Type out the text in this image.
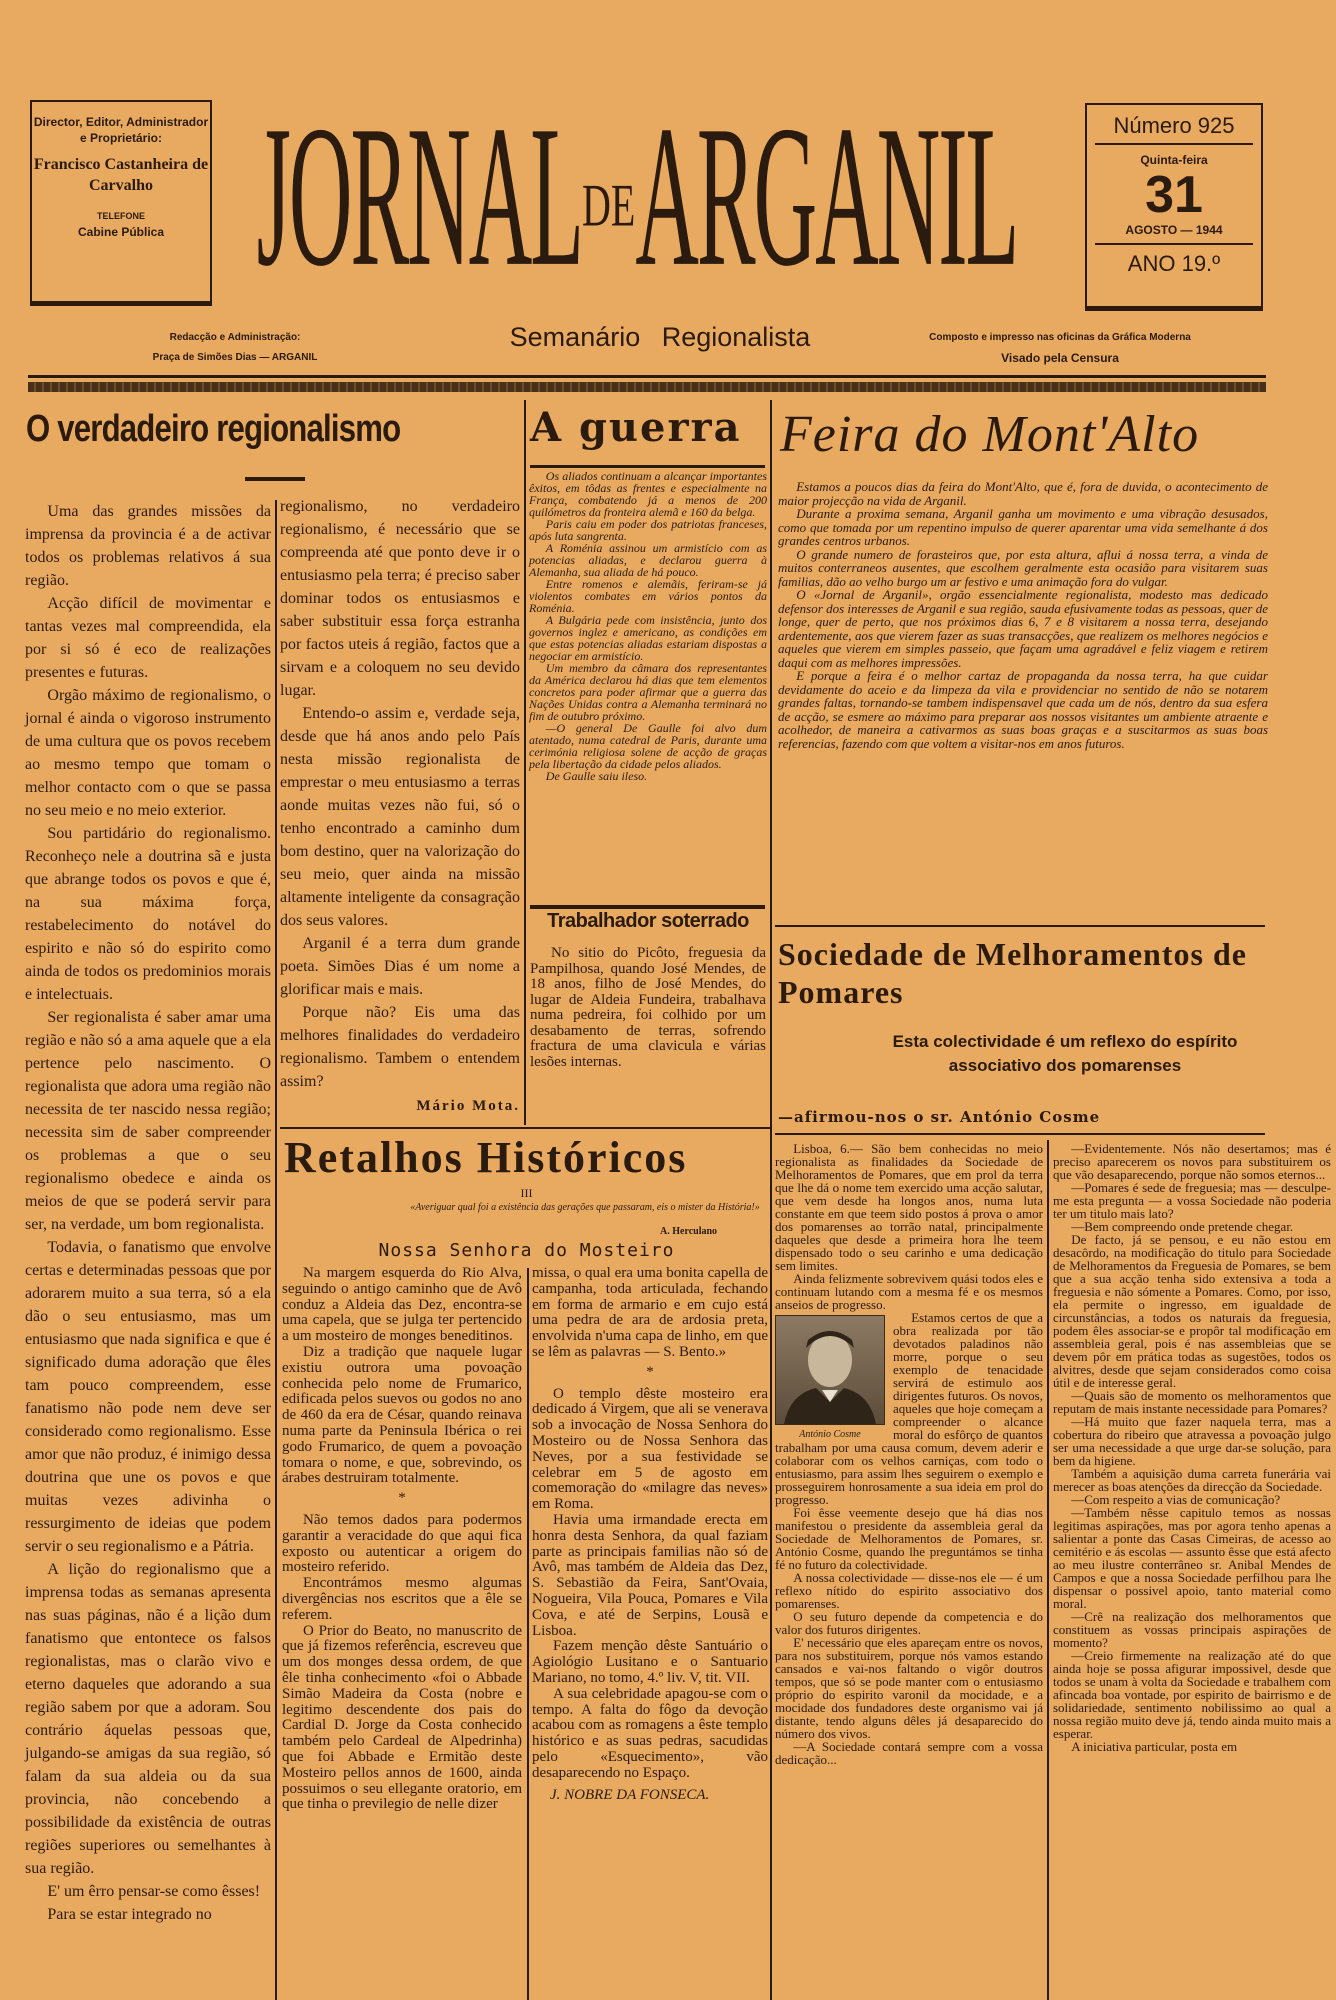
Director, Editor, Administrador e Proprietário:
Francisco Castanheira de Carvalho
TELEFONE
Cabine Pública	JORNALDEARGANIL	Número 925
Quinta-feira
31
AGOSTO — 1944
ANO 19.º
Redacção e Administração:
Praça de Simões Dias — ARGANIL
Semanário Regionalista	Composto e impresso nas oficinas da Gráfica Moderna
Visado pela Censura
O verdadeiro regionalismo

Uma das grandes missões da imprensa da provincia é a de activar todos os problemas relativos á sua região.

Acção difícil de movimentar e tantas vezes mal compreendida, ela por si só é eco de realizações presentes e futuras.

Orgão máximo de regionalismo, o jornal é ainda o vigoroso instrumento de uma cultura que os povos recebem ao mesmo tempo que tomam o melhor contacto com o que se passa no seu meio e no meio exterior.

Sou partidário do regionalismo. Reconheço nele a doutrina sã e justa que abrange todos os povos e que é, na sua máxima força, restabelecimento do notável do espirito e não só do espirito como ainda de todos os predominios morais e intelectuais.

Ser regionalista é saber amar uma região e não só a ama aquele que a ela pertence pelo nascimento. O regionalista que adora uma região não necessita de ter nascido nessa região; necessita sim de saber compreender os problemas a que o seu regionalismo obedece e ainda os meios de que se poderá servir para ser, na verdade, um bom regionalista.

Todavia, o fanatismo que envolve certas e determinadas pessoas que por adorarem muito a sua terra, só a ela dão o seu entusiasmo, mas um entusiasmo que nada significa e que é significado duma adoração que êles tam pouco compreendem, esse fanatismo não pode nem deve ser considerado como regionalismo. Esse amor que não produz, é inimigo dessa doutrina que une os povos e que muitas vezes adivinha o ressurgimento de ideias que podem servir o seu regionalismo e a Pátria.

A lição do regionalismo que a imprensa todas as semanas apresenta nas suas páginas, não é a lição dum fanatismo que entontece os falsos regionalistas, mas o clarão vivo e eterno daqueles que adorando a sua região sabem por que a adoram. Sou contrário áquelas pessoas que, julgando-se amigas da sua região, só falam da sua aldeia ou da sua provincia, não concebendo a possibilidade da existência de outras regiões superiores ou semelhantes à sua região.

E' um êrro pensar-se como êsses!

Para se estar integrado no

regionalismo, no verdadeiro regionalismo, é necessário que se compreenda até que ponto deve ir o entusiasmo pela terra; é preciso saber dominar todos os entusiasmos e saber substituir essa força estranha por factos uteis á região, factos que a sirvam e a coloquem no seu devido lugar.

Entendo-o assim e, verdade seja, desde que há anos ando pelo País nesta missão regionalista de emprestar o meu entusiasmo a terras aonde muitas vezes não fui, só o tenho encontrado a caminho dum bom destino, quer na valorização do seu meio, quer ainda na missão altamente inteligente da consagração dos seus valores.

Arganil é a terra dum grande poeta. Simões Dias é um nome a glorificar mais e mais.

Porque não? Eis uma das melhores finalidades do verdadeiro regionalismo. Tambem o entendem assim?

Mário Mota.
A guerra

Os aliados continuam a alcançar importantes êxitos, em tôdas as frentes e especialmente na França, combatendo já a menos de 200 quilómetros da fronteira alemã e 160 da belga.

Paris caiu em poder dos patriotas franceses, após luta sangrenta.

A Roménia assinou um armistício com as potencias aliadas, e declarou guerra à Alemanha, sua aliada de há pouco.

Entre romenos e alemãis, feriram-se já violentos combates em vários pontos da Roménia.

A Bulgária pede com insistência, junto dos governos inglez e americano, as condições em que estas potencias aliadas estariam dispostas a negociar em armistício.

Um membro da câmara dos representantes da América declarou há dias que tem elementos concretos para poder afirmar que a guerra das Nações Unidas contra a Alemanha terminará no fim de outubro próximo.

—O general De Gaulle foi alvo dum atentado, numa catedral de Paris, durante uma cerimónia religiosa solene de acção de graças pela libertação da cidade pelos aliados.

De Gaulle saiu ileso.

Trabalhador soterrado

No sitio do Picôto, freguesia da Pampilhosa, quando José Mendes, de 18 anos, filho de José Mendes, do lugar de Aldeia Fundeira, trabalhava numa pedreira, foi colhido por um desabamento de terras, sofrendo fractura de uma clavicula e várias lesões internas.

Feira do Mont'Alto

Estamos a poucos dias da feira do Mont'Alto, que é, fora de duvida, o acontecimento de maior projecção na vida de Arganil.

Durante a proxima semana, Arganil ganha um movimento e uma vibração desusados, como que tomada por um repentino impulso de querer aparentar uma vida semelhante á dos grandes centros urbanos.

O grande numero de forasteiros que, por esta altura, aflui á nossa terra, a vinda de muitos conterraneos ausentes, que escolhem geralmente esta ocasião para visitarem suas familias, dão ao velho burgo um ar festivo e uma animação fora do vulgar.

O «Jornal de Arganil», orgão essencialmente regionalista, modesto mas dedicado defensor dos interesses de Arganil e sua região, sauda efusivamente todas as pessoas, quer de longe, quer de perto, que nos próximos dias 6, 7 e 8 visitarem a nossa terra, desejando ardentemente, aos que vierem fazer as suas transacções, que realizem os melhores negócios e aqueles que vierem em simples passeio, que façam uma agradável e feliz viagem e retirem daqui com as melhores impressões.

E porque a feira é o melhor cartaz de propaganda da nossa terra, ha que cuidar devidamente do aceio e da limpeza da vila e providenciar no sentido de não se notarem grandes faltas, tornando-se tambem indispensavel que cada um de nós, dentro da sua esfera de acção, se esmere ao máximo para preparar aos nossos visitantes um ambiente atraente e acolhedor, de maneira a cativarmos as suas boas graças e a suscitarmos as suas boas referencias, fazendo com que voltem a visitar-nos em anos futuros.

Sociedade de Melhoramentos de Pomares
Esta colectividade é um reflexo do espírito associativo dos pomarenses
—afirmou-nos o sr. António Cosme

Lisboa, 6.— São bem conhecidas no meio regionalista as finalidades da Sociedade de Melhoramentos de Pomares, que em prol da terra que lhe dá o nome tem exercido uma acção salutar, que vem desde ha longos anos, numa luta constante em que teem sido postos á prova o amor dos pomarenses ao torrão natal, principalmente daqueles que desde a primeira hora lhe teem dispensado todo o seu carinho e uma dedicação sem limites.

Ainda felizmente sobrevivem quási todos eles e continuam lutando com a mesma fé e os mesmos anseios de progresso.

António Cosme

Estamos certos de que a obra realizada por tão devotados paladinos não morre, porque o seu exemplo de tenacidade servirá de estimulo aos dirigentes futuros. Os novos, aqueles que hoje começam a compreender o alcance moral do esfôrço de quantos trabalham por uma causa comum, devem aderir e colaborar com os velhos carniças, com todo o entusiasmo, para assim lhes seguirem o exemplo e prosseguirem honrosamente a sua ideia em prol do progresso.

Foi êsse veemente desejo que há dias nos manifestou o presidente da assembleia geral da Sociedade de Melhoramentos de Pomares, sr. António Cosme, quando lhe preguntámos se tinha fé no futuro da colectividade.

A nossa colectividade — disse-nos ele — é um reflexo nítido do espirito associativo dos pomarenses.

O seu futuro depende da competencia e do valor dos futuros dirigentes.

E' necessário que eles apareçam entre os novos, para nos substituirem, porque nós vamos estando cansados e vai-nos faltando o vigôr doutros tempos, que só se pode manter com o entusiasmo próprio do espirito varonil da mocidade, e a mocidade dos fundadores deste organismo vai já distante, tendo alguns dêles já desaparecido do número dos vivos.

—A Sociedade contará sempre com a vossa dedicação...

—Evidentemente. Nós não desertamos; mas é preciso aparecerem os novos para substituirem os que vão desaparecendo, porque não somos eternos...

—Pomares é sede de freguesia; mas — desculpe-me esta pregunta — a vossa Sociedade não poderia ter um titulo mais lato?

—Bem compreendo onde pretende chegar.

De facto, já se pensou, e eu não estou em desacôrdo, na modificação do titulo para Sociedade de Melhoramentos da Freguesia de Pomares, se bem que a sua acção tenha sido extensiva a toda a freguesia e não sómente a Pomares. Como, por isso, ela permite o ingresso, em igualdade de circunstâncias, a todos os naturais da freguesia, podem êles associar-se e propôr tal modificação em assembleia geral, pois é nas assembleias que se devem pôr em prática todas as sugestões, todos os alvitres, desde que sejam considerados como coisa útil e de interesse geral.

—Quais são de momento os melhoramentos que reputam de mais instante necessidade para Pomares?

—Há muito que fazer naquela terra, mas a cobertura do ribeiro que atravessa a povoação julgo ser uma necessidade a que urge dar-se solução, para bem da higiene.

Também a aquisição duma carreta funerária vai merecer as boas atenções da direcção da Sociedade.

—Com respeito a vias de comunicação?

—Também nêsse capitulo temos as nossas legitimas aspirações, mas por agora tenho apenas a salientar a ponte das Casas Cimeiras, de acesso ao cemitério e ás escolas — assunto êsse que está afecto ao meu ilustre conterrâneo sr. Anibal Mendes de Campos e que a nossa Sociedade perfilhou para lhe dispensar o possivel apoio, tanto material como moral.

—Crê na realização dos melhoramentos que constituem as vossas principais aspirações de momento?

—Creio firmemente na realização até do que ainda hoje se possa afigurar impossivel, desde que todos se unam à volta da Sociedade e trabalhem com afincada boa vontade, por espirito de bairrismo e de solidariedade, sentimento nobilissimo ao qual a nossa região muito deve já, tendo ainda muito mais a esperar.

A iniciativa particular, posta em

Retalhos Históricos
III
«Averiguar qual foi a existência das gerações que passaram, eis o mister da História!»
A. Herculano
Nossa Senhora do Mosteiro

Na margem esquerda do Rio Alva, seguindo o antigo caminho que de Avô conduz a Aldeia das Dez, encontra-se uma capela, que se julga ter pertencido a um mosteiro de monges beneditinos.

Diz a tradição que naquele lugar existiu outrora uma povoação conhecida pelo nome de Frumarico, edificada pelos suevos ou godos no ano de 460 da era de César, quando reinava numa parte da Peninsula Ibérica o rei godo Frumarico, de quem a povoação tomara o nome, e que, sobrevindo, os árabes destruiram totalmente.

*

Não temos dados para podermos garantir a veracidade do que aqui fica exposto ou autenticar a origem do mosteiro referido.

Encontrámos mesmo algumas divergências nos escritos que a êle se referem.

O Prior do Beato, no manuscrito de que já fizemos referência, escreveu que um dos monges dessa ordem, de que êle tinha conhecimento «foi o Abbade Simão Madeira da Costa (nobre e legitimo descendente dos pais do Cardial D. Jorge da Costa conhecido também pelo Cardeal de Alpedrinha) que foi Abbade e Ermitão deste Mosteiro pellos annos de 1600, ainda possuimos o seu ellegante oratorio, em que tinha o previlegio de nelle dizer

missa, o qual era uma bonita capella de campanha, toda articulada, fechando em forma de armario e em cujo está uma pedra de ara de ardosia preta, envolvida n'uma capa de linho, em que se lêm as palavras — S. Bento.»

*

O templo dêste mosteiro era dedicado á Virgem, que ali se venerava sob a invocação de Nossa Senhora do Mosteiro ou de Nossa Senhora das Neves, por a sua festividade se celebrar em 5 de agosto em comemoração do «milagre das neves» em Roma.

Havia uma irmandade erecta em honra desta Senhora, da qual faziam parte as principais familias não só de Avô, mas também de Aldeia das Dez, S. Sebastião da Feira, Sant'Ovaia, Nogueira, Vila Pouca, Pomares e Vila Cova, e até de Serpins, Lousã e Lisboa.

Fazem menção dêste Santuário o Agiológio Lusitano e o Santuario Mariano, no tomo, 4.º liv. V, tit. VII.

A sua celebridade apagou-se com o tempo. A falta do fôgo da devoção acabou com as romagens a êste templo histórico e as suas pedras, sacudidas pelo «Esquecimento», vão desaparecendo no Espaço.

J. NOBRE DA FONSECA.
